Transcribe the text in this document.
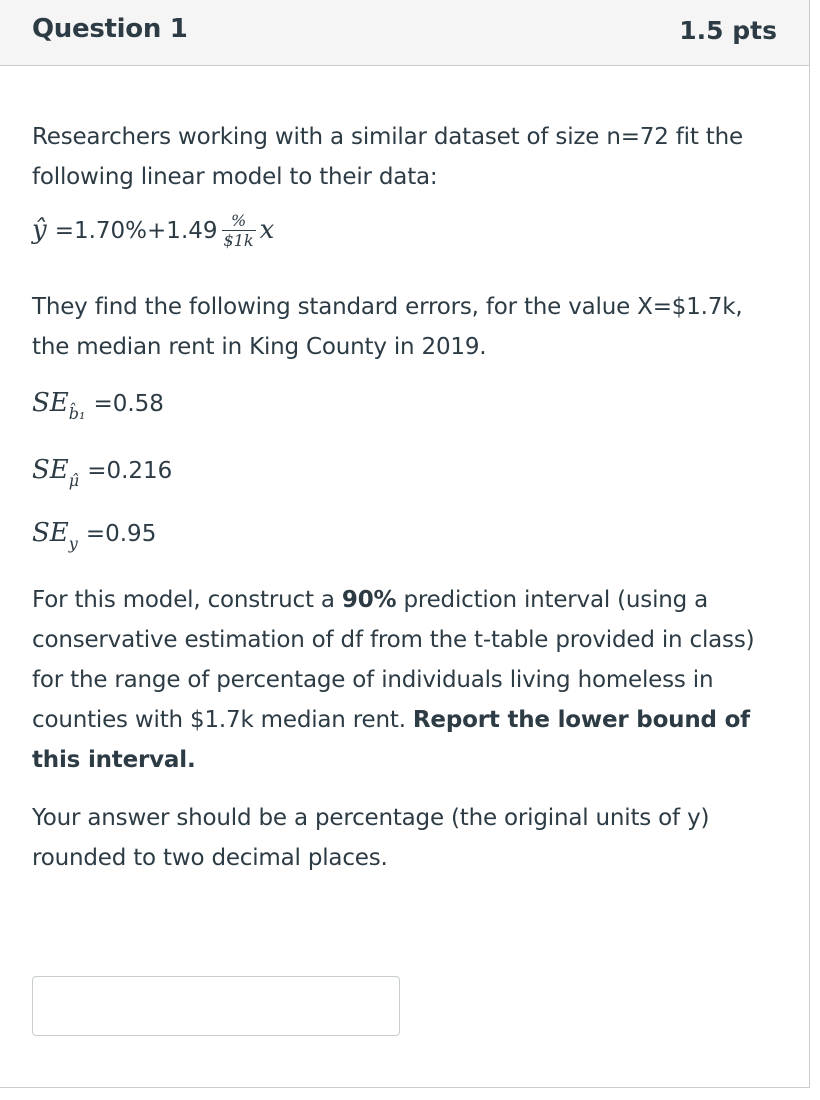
Question 1	1.5 pts
Researchers working with a similar dataset of size n=72 fit the
following linear model to their data:
ŷ $=1.70\%+1.49 \frac{\%}{\$1k}$ x
They find the following standard errors, for the value X=$1.7k,
the median rent in King County in 2019.
$SE_{b̂_1} =0.58$
$SE_{\mû} =0.216$
$SE_y =0.95$
For this model, construct a 90% prediction interval (using a
conservative estimation of df from the t-table provided in class)
for the range of percentage of individuals living homeless in
counties with $1.7k median rent. Report the lower bound of
this interval.
Your answer should be a percentage (the original units of y)
rounded to two decimal places.
